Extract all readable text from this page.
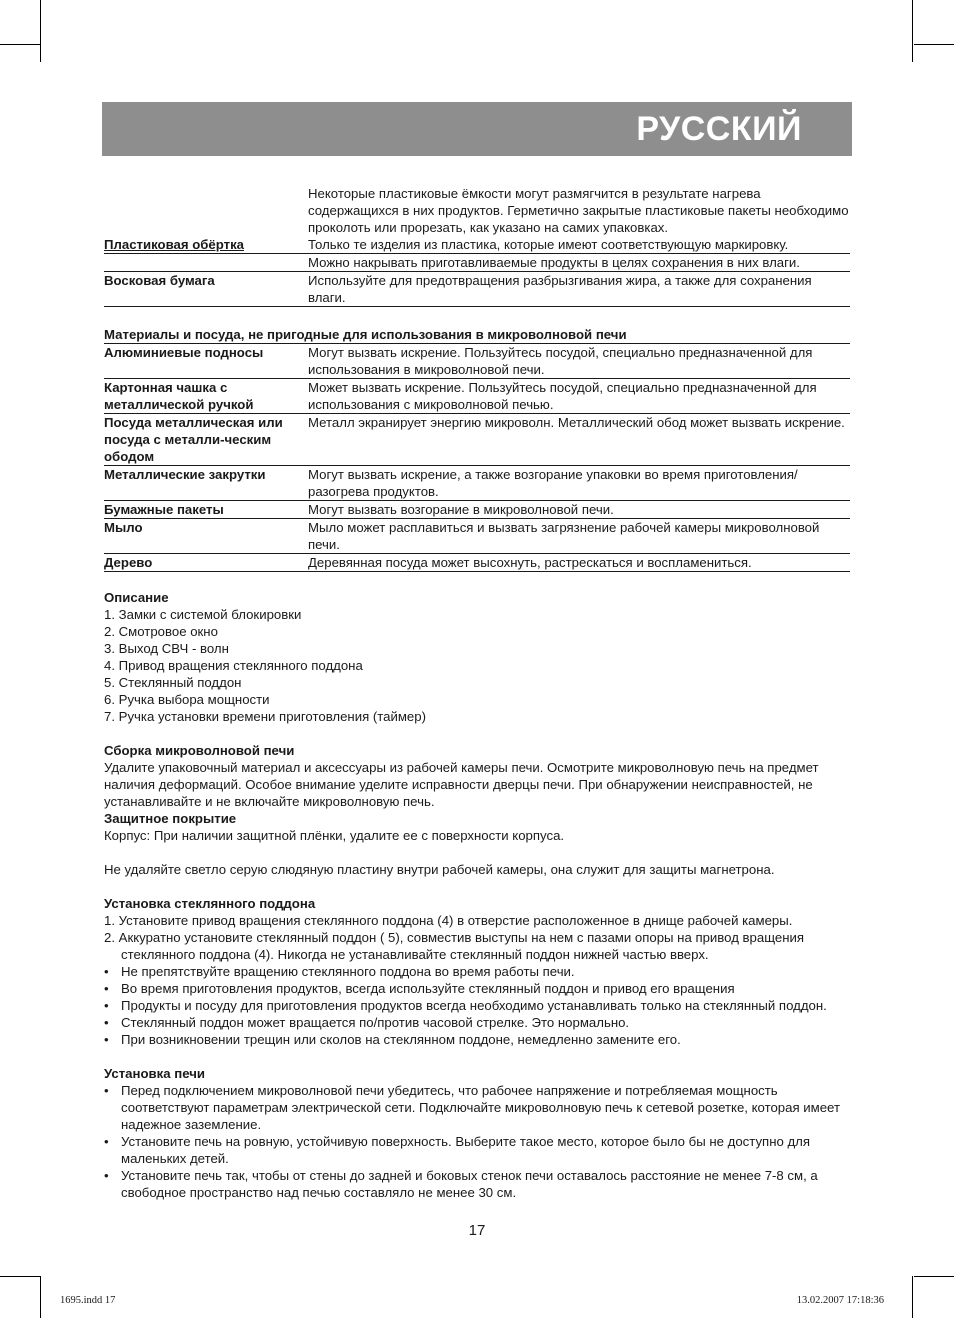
РУССКИЙ
	Некоторые пластиковые ёмкости могут размягчится в результате нагрева содержащихся в них продуктов. Герметично закрытые пластиковые пакеты необходимо проколоть или прорезать, как указано на самих упаковках.
Пластиковая обёртка	Только те изделия из пластика, которые имеют соответствующую маркировку.
	Можно накрывать приготавливаемые продукты в целях сохранения в них влаги.
Восковая бумага	Используйте для предотвращения разбрызгивания жира, а также для сохранения влаги.
Материалы и посуда, не пригодные для использования в микроволновой печи
Алюминиевые подносы	Могут вызвать искрение. Пользуйтесь посудой, специально предназначенной для использования в микроволновой печи.
Картонная чашка с металлической ручкой	Может вызвать искрение. Пользуйтесь посудой, специально предназначенной для использования с микроволновой печью.
Посуда металлическая или посуда с металли-ческим ободом	Металл экранирует энергию микроволн. Металлический обод может вызвать искрение.
Металлические закрутки	Могут вызвать искрение, а также возгорание упаковки во время приготовления/ разогрева продуктов.
Бумажные пакеты	Могут вызвать возгорание в микроволновой печи.
Мыло	Мыло может расплавиться и вызвать загрязнение рабочей камеры микроволновой печи.
Дерево	Деревянная посуда может высохнуть, растрескаться и воспламениться.
Описание
1. Замки с системой блокировки
2. Смотровое окно
3. Выход СВЧ - волн
4. Привод вращения стеклянного поддона
5. Стеклянный поддон
6. Ручка выбора мощности
7. Ручка установки времени приготовления (таймер)
Сборка микроволновой печи
Удалите упаковочный материал и аксессуары из рабочей камеры печи. Осмотрите микроволновую печь на предмет наличия деформаций. Особое внимание уделите исправности дверцы печи. При обнаружении неисправностей, не устанавливайте и не включайте микроволновую печь.
Защитное покрытие
Корпус: При наличии защитной плёнки, удалите ее с поверхности корпуса.
Не удаляйте светло серую слюдяную пластину внутри рабочей камеры, она служит для защиты магнетрона.
Установка стеклянного поддона
1. Установите привод вращения стеклянного поддона (4) в отверстие расположенное в днище рабочей камеры.
2. Аккуратно установите стеклянный поддон ( 5), совместив выступы на нем с пазами опоры на привод вращения стеклянного поддона (4). Никогда не устанавливайте стеклянный поддон нижней частью вверх.
• Не препятствуйте вращению стеклянного поддона во время работы печи.
• Во время приготовления продуктов, всегда используйте стеклянный поддон и привод его вращения
• Продукты и посуду для приготовления продуктов всегда необходимо устанавливать только на стеклянный поддон.
• Стеклянный поддон может вращается по/против часовой стрелке. Это нормально.
• При возникновении трещин или сколов на стеклянном поддоне, немедленно замените его.
Установка печи
• Перед подключением микроволновой печи убедитесь, что рабочее напряжение и потребляемая мощность соответствуют параметрам электрической сети. Подключайте микроволновую печь к сетевой розетке, которая имеет надежное заземление.
• Установите печь на ровную, устойчивую поверхность. Выберите такое место, которое было бы не доступно для маленьких детей.
• Установите печь так, чтобы от стены до задней и боковых стенок печи оставалось расстояние не менее 7-8 см, а свободное пространство над печью составляло не менее 30 см.
17
1695.indd 17	13.02.2007 17:18:36
